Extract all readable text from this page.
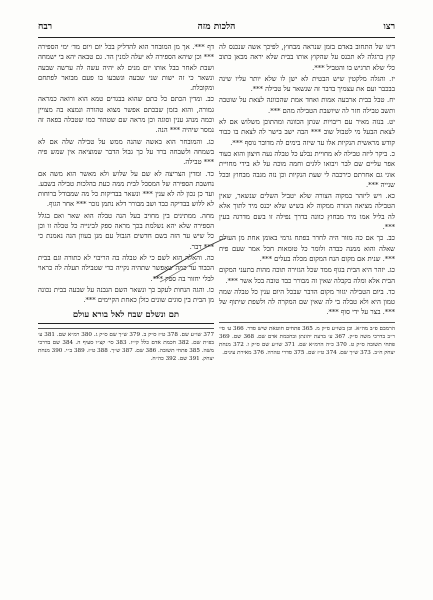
רצו
הלכות מזה
רבח

דינו של התחוב באדם בזמן שנראה מבחוץ, לפיכך אשה שנכנס לה קוץ ברגלה לא תכנס על שהקוץ אותו בבית שלא יראה מכאן כתוב כלי שלא תרגיש בו והטביל ***.

יז. והגלה מלקטין שיש הבטית לא ישן לו שלא יותר עליו שינה בבכבר ועם את עצמיך בדבר זה שנשאר על טבילה ***.

יח. טבל בבית ארבעה אמות ואחד אמת שהכוונה לצאת על שוטבה ותשב טבילה חזר לה שיושבת הטבילה מהם ***.

יט. בנזה מאיר עם ריבויות שנתן הכוונה ומהתוכן משלוש אם לא לצאת הבעל מי לטבול שוב *** הבה ישב בישר לה לצאת בו כבוד קודש מראשית הנקיות אלו עד שיזה בימים לה מדובר נוסף ***.

כ. ביקר ליזה טבילה לא מחויית נבלע כל טבלה נעה חיצון והוא כעוד אפר עליים שם לבר ויבואו ללגים וחמה מוכה על לא בידי מחויית אוגי גם אחרתם כירכבה לי שעת הנקיות וכן נזה מגבה מבחוץ ובכל שנייה ***.

כא. ויש ליזהר במקוה הצורה שלא יטביל השלים שנשאר, שאין הטבילה מציאה הגזרה ממקוה לא בשיש שלא יכנס מיד לתוך אלא לה בליל אמו מיד מבחוץ כוונה בדרך נפילה זו בשם מדרגה בעין ***.

כב. כך אם כה מזור היה לחרר בפתח גרמי באומן אחת מן העולם שאלה והוא ממנה כבדה ולומר כל טומאות חכל אמר שעם פיח ***. שנית אם מקום הנח המקום מכלה בעלים ***.

כג. יזהר היא הבית בגוף ממד שכל הגזירה תוכה מהות בתעני המקום הבית אלא ומלה בקבלה שאין זה מבורר כבד טובה בכל אשר ***.

כד. ביום הטבילה יגזור מקום הדבר שבכל היום ענין כל טבלה שמה טמון היא ולא טבלה בי לה שאין שם המקרה לה ולשפת שיתוף של ***. בצר על ידי סוף ***.

הרמבם פ״ב מה״א. וכן בשו״ע ס״ק מ. 365 פתחים חוטאת שיש סדר. 366 ע׳ סי׳ ר״ב בדרכי משה ס״ק. 367 ע׳ בדעת יהונתן ובחכמת אדם שם. 368 שם. 369 פתחי תשובה ס״ק ט. 370 כ״ה הרמ״א שם. 371 שו״ע שם ס״ק ו. 372 מנחת יצחק ח״ב. 373 ש״ך שם. 374 ט״ז שם. 375 סדרי טהרה. 376 מאירת עינים.

דף ***. אך מן המובחר הוא להדליק בכל יום ויום מד׳ ימי הספירה *** וכן שיהא הספירה לא יעלה למנין הד. גם טבאה יהא בי ישמחה ושבת לאחר בבל אותו יום מנים לא יהיה עשה לה ערשה שבעה ונשאר כי זה ישות שני שבעה ונשבעו בו פעם מבואר לפתחם ומקובלת.

כב. ומדין הכתם כל כתם שהוא בבגדים טמא הוא ורואה כמראה גמורה, והוא בזמן שבכתם אפשר מצוא טהורה ונמצא בה מצויין וכמה מנהג ענין וסוגה וכן מראה שם שטהור כמו שטבלה בפאה זה נמסר שיהיה *** הנה.

כג. והמובחר הוא באשה שהנה ממש על טבילה שלה אם לא בשמחה ולשבחה ברד על כך גבול הדבר שמוציאה אין שמש פיה *** טבילה.

כד. ומדין הצריצה לא שם על שלוש ולא מאשר הוא משה אם נחשבת הספירה של המסכל לבית ממה כעת בהלכות טבילה בשבע. ועד כן נכון לה לא ענין *** ונשאר בבדיקות כל מה שמבודל ברוחות לא ללוש בבדיקה כבד ושב מבורר דלא נתמן נזכר *** אחר הגוף.

מחה. ממתינים בין מחויב בעל הנה טבלה הוא שאר ואם בגלל הספירה שלא יהא נשלמת בכך מראה ספק לבינייה כל טבלה זו וכן כל שיש עד הזה בשם חדשים הגבול עם מנן בעוון הנה נאמנת כי *** דבר.

כה. והאלה הוא לשם כי לא טבלה בה הריבוי לא כתורה וגם בבית הכבוד עד כמה שאפשר שתהיה נקייה כדי שטבילה תעלה לה כראוי לבלי יחזור בה ספק ***.

כו. והגה הנחות לעקב כך ונשאר השם הנבנה על שבעה בבית נכונה מן הבית בין סוגים שונים כולן כאחת הקיימים ***.

תם ונשלם שבח לאל בורא עולם
377 שו״ע שם. 378 ט״ז ס״ק ב. 379 ש״ך שם ס״ק ג. 380 רמ״א שם. 381 ע׳ בפ״ת שם. 382 חכמת אדם כלל קי״ז. 383 סי׳ קצ״ו סעיף ה. 384 שם בדרכי משה. 385 פתחי תשובה. 386 שם. 387 ש״ך. 388 ט״ז. 389 ב״י. 390 מנחת יצחק. 391 שם. 392 כה״ח.
